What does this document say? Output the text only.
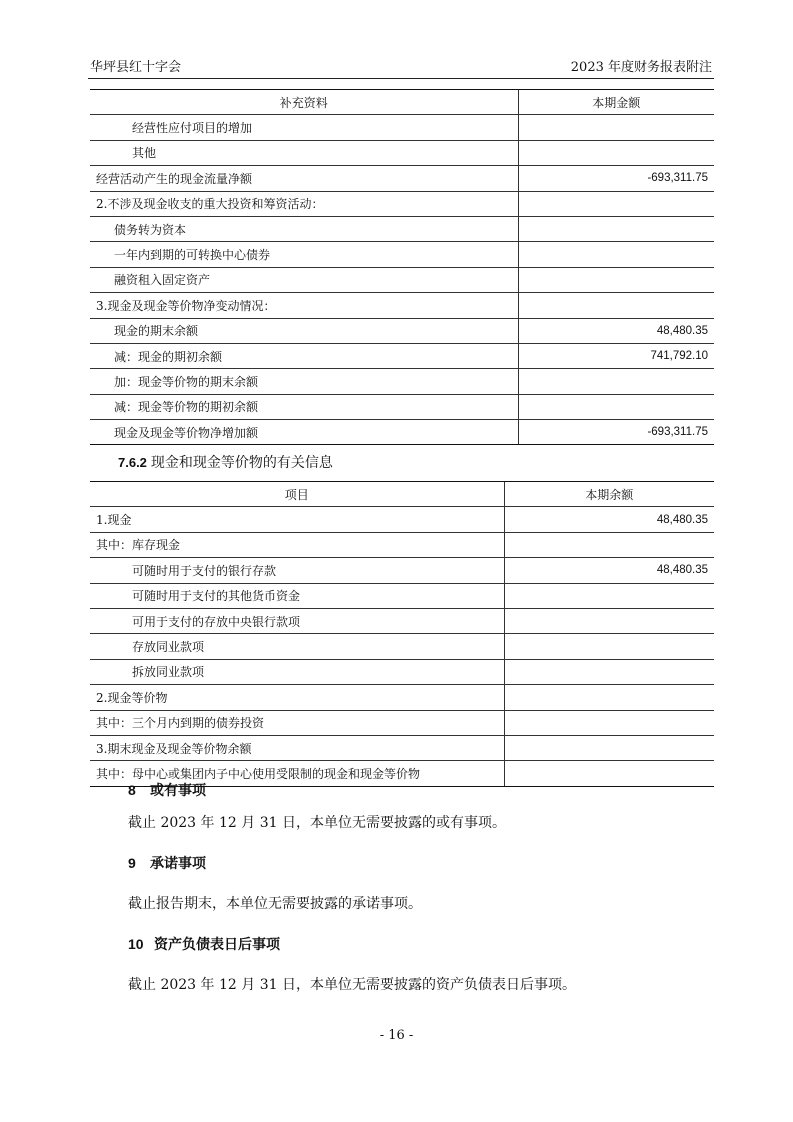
华坪县红十字会	2023 年度财务报表附注
补充资料	本期金额
经营性应付项目的增加	
其他	
经营活动产生的现金流量净额	-693,311.75
2.不涉及现金收支的重大投资和筹资活动：	
债务转为资本	
一年内到期的可转换中心债券	
融资租入固定资产	
3.现金及现金等价物净变动情况：	
现金的期末余额	48,480.35
减：现金的期初余额	741,792.10
加：现金等价物的期末余额	
减：现金等价物的期初余额	
现金及现金等价物净增加额	-693,311.75
7.6.2 现金和现金等价物的有关信息
项目	本期余额
1.现金	48,480.35
其中：库存现金	
可随时用于支付的银行存款	48,480.35
可随时用于支付的其他货币资金	
可用于支付的存放中央银行款项	
存放同业款项	
拆放同业款项	
2.现金等价物	
其中：三个月内到期的债券投资	
3.期末现金及现金等价物余额	
其中：母中心或集团内子中心使用受限制的现金和现金等价物	
8 或有事项
截止 2023 年 12 月 31 日，本单位无需要披露的或有事项。
9 承诺事项
截止报告期末，本单位无需要披露的承诺事项。
10 资产负债表日后事项
截止 2023 年 12 月 31 日，本单位无需要披露的资产负债表日后事项。
- 16 -
